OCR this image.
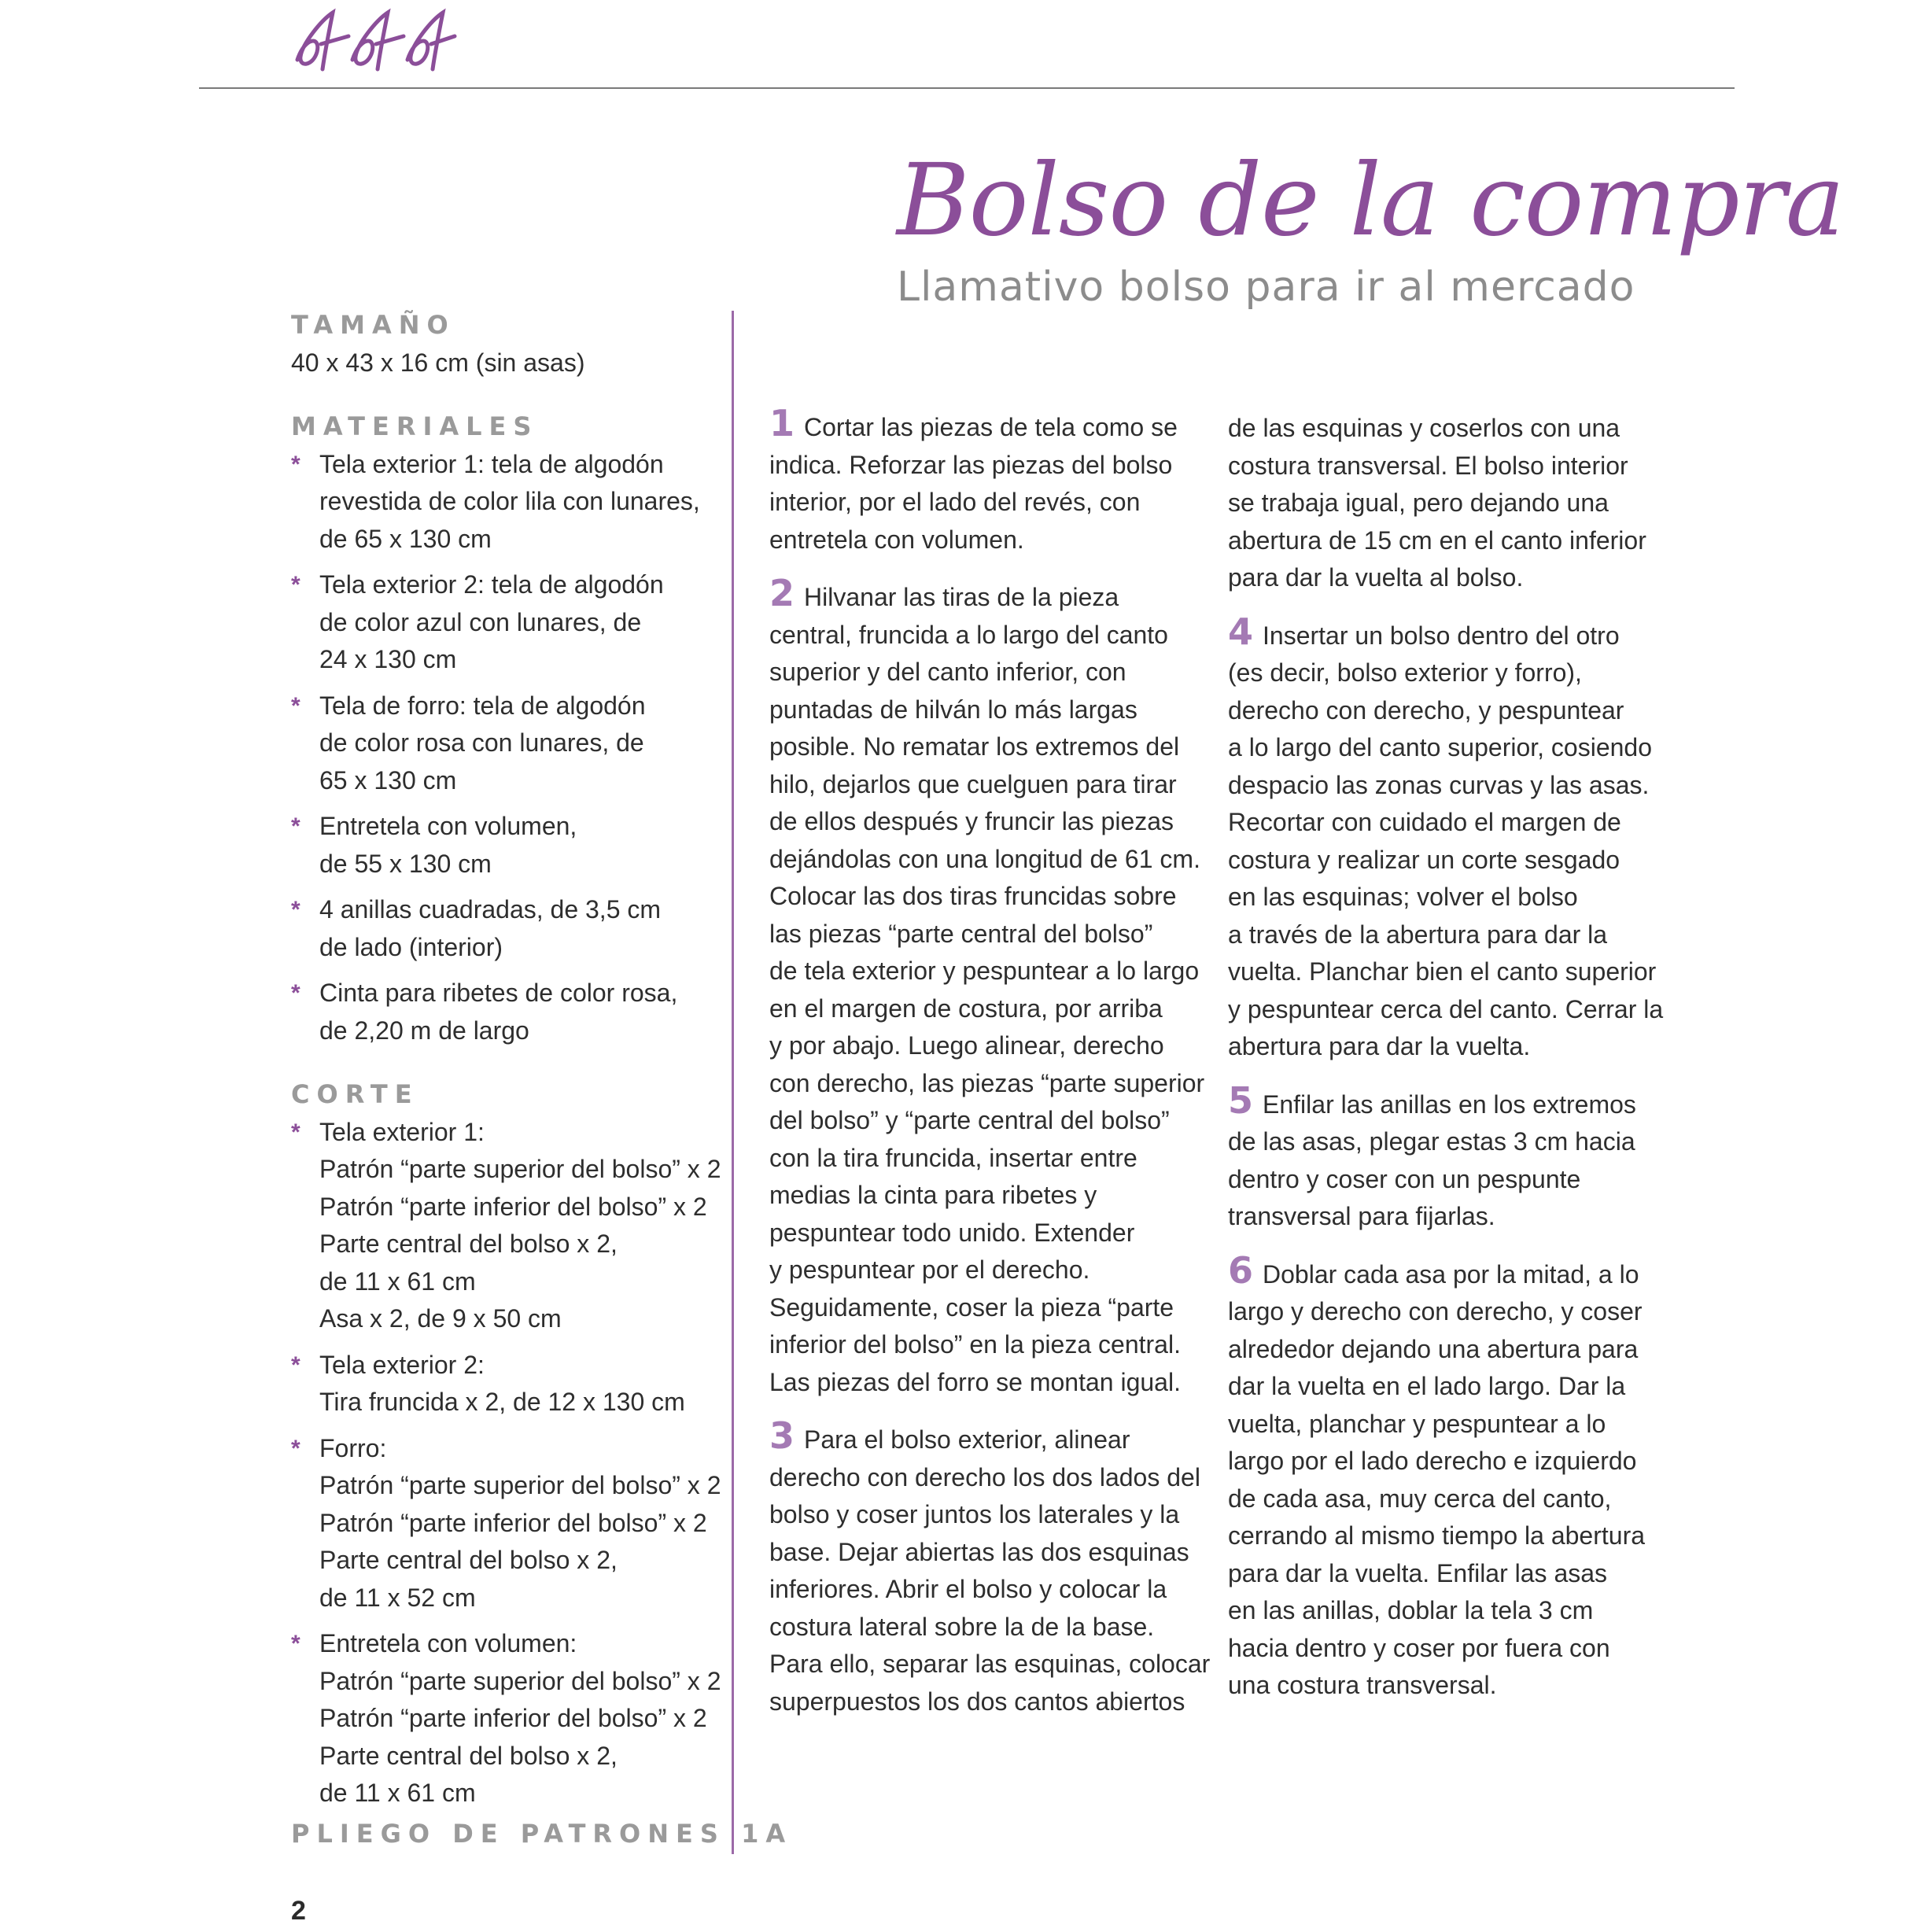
Bolso de la compra
Llamativo bolso para ir al mercado
TAMAÑO
40 x 43 x 16 cm (sin asas)
MATERIALES
* Tela exterior 1: tela de algodón
revestida de color lila con lunares,
de 65 x 130 cm
* Tela exterior 2: tela de algodón
de color azul con lunares, de
24 x 130 cm
* Tela de forro: tela de algodón
de color rosa con lunares, de
65 x 130 cm
* Entretela con volumen,
de 55 x 130 cm
* 4 anillas cuadradas, de 3,5 cm
de lado (interior)
* Cinta para ribetes de color rosa,
de 2,20 m de largo
CORTE
* Tela exterior 1:
Patrón “parte superior del bolso” x 2
Patrón “parte inferior del bolso” x 2
Parte central del bolso x 2,
de 11 x 61 cm
Asa x 2, de 9 x 50 cm
* Tela exterior 2:
Tira fruncida x 2, de 12 x 130 cm
* Forro:
Patrón “parte superior del bolso” x 2
Patrón “parte inferior del bolso” x 2
Parte central del bolso x 2,
de 11 x 52 cm
* Entretela con volumen:
Patrón “parte superior del bolso” x 2
Patrón “parte inferior del bolso” x 2
Parte central del bolso x 2,
de 11 x 61 cm
PLIEGO DE PATRONES 1A
2
1 Cortar las piezas de tela como se
indica. Reforzar las piezas del bolso
interior, por el lado del revés, con
entretela con volumen.
2 Hilvanar las tiras de la pieza
central, fruncida a lo largo del canto
superior y del canto inferior, con
puntadas de hilván lo más largas
posible. No rematar los extremos del
hilo, dejarlos que cuelguen para tirar
de ellos después y fruncir las piezas
dejándolas con una longitud de 61 cm.
Colocar las dos tiras fruncidas sobre
las piezas “parte central del bolso”
de tela exterior y pespuntear a lo largo
en el margen de costura, por arriba
y por abajo. Luego alinear, derecho
con derecho, las piezas “parte superior
del bolso” y “parte central del bolso”
con la tira fruncida, insertar entre
medias la cinta para ribetes y
pespuntear todo unido. Extender
y pespuntear por el derecho.
Seguidamente, coser la pieza “parte
inferior del bolso” en la pieza central.
Las piezas del forro se montan igual.
3 Para el bolso exterior, alinear
derecho con derecho los dos lados del
bolso y coser juntos los laterales y la
base. Dejar abiertas las dos esquinas
inferiores. Abrir el bolso y colocar la
costura lateral sobre la de la base.
Para ello, separar las esquinas, colocar
superpuestos los dos cantos abiertos
de las esquinas y coserlos con una
costura transversal. El bolso interior
se trabaja igual, pero dejando una
abertura de 15 cm en el canto inferior
para dar la vuelta al bolso.
4 Insertar un bolso dentro del otro
(es decir, bolso exterior y forro),
derecho con derecho, y pespuntear
a lo largo del canto superior, cosiendo
despacio las zonas curvas y las asas.
Recortar con cuidado el margen de
costura y realizar un corte sesgado
en las esquinas; volver el bolso
a través de la abertura para dar la
vuelta. Planchar bien el canto superior
y pespuntear cerca del canto. Cerrar la
abertura para dar la vuelta.
5 Enfilar las anillas en los extremos
de las asas, plegar estas 3 cm hacia
dentro y coser con un pespunte
transversal para fijarlas.
6 Doblar cada asa por la mitad, a lo
largo y derecho con derecho, y coser
alrededor dejando una abertura para
dar la vuelta en el lado largo. Dar la
vuelta, planchar y pespuntear a lo
largo por el lado derecho e izquierdo
de cada asa, muy cerca del canto,
cerrando al mismo tiempo la abertura
para dar la vuelta. Enfilar las asas
en las anillas, doblar la tela 3 cm
hacia dentro y coser por fuera con
una costura transversal.
